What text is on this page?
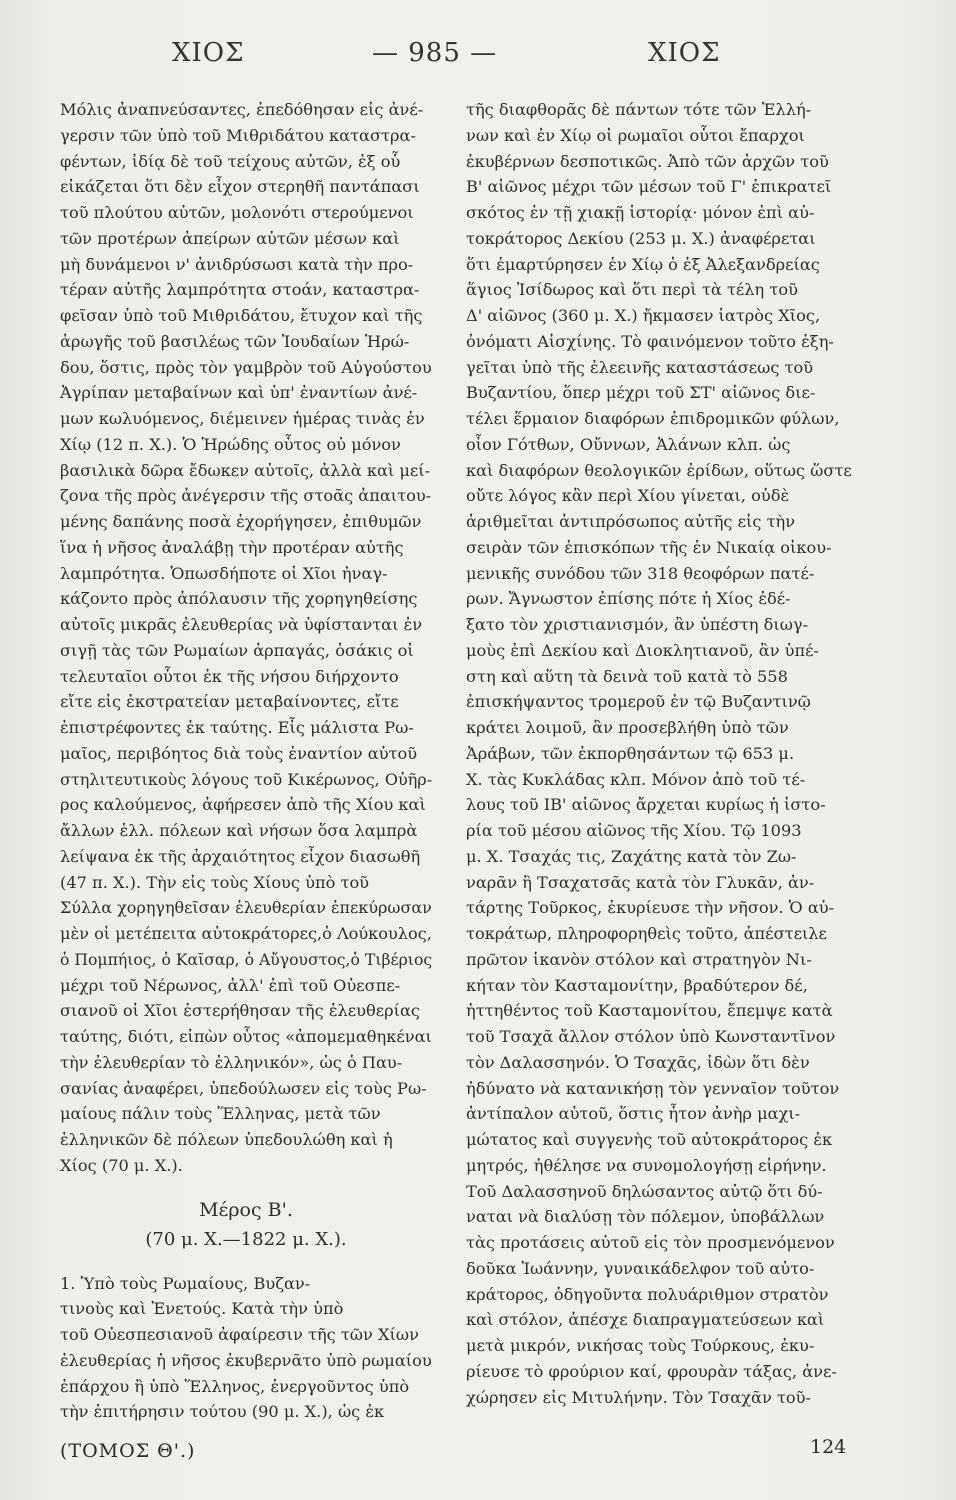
ΧΙΟΣ	— 985 —	ΧΙΟΣ
Μόλις ἀναπνεύσαντες, ἐπεδόθησαν εἰς ἀνέ-
γερσιν τῶν ὑπὸ τοῦ Μιθριδάτου καταστρα-
φέντων, ἰδίᾳ δὲ τοῦ τείχους αὐτῶν, ἐξ οὗ
εἰκάζεται ὅτι δὲν εἶχον στερηθῆ παντάπασι
τοῦ πλούτου αὐτῶν, μολονότι στερούμενοι
τῶν προτέρων ἀπείρων αὐτῶν μέσων καὶ
μὴ δυνάμενοι ν' ἀνιδρύσωσι κατὰ τὴν προ-
τέραν αὐτῆς λαμπρότητα στοάν, καταστρα-
φεῖσαν ὑπὸ τοῦ Μιθριδάτου, ἔτυχον καὶ τῆς
ἀρωγῆς τοῦ βασιλέως τῶν Ἰουδαίων Ἡρώ-
δου, ὅστις, πρὸς τὸν γαμβρὸν τοῦ Αὐγούστου
Ἀγρίπαν μεταβαίνων καὶ ὑπ' ἐναντίων ἀνέ-
μων κωλυόμενος, διέμεινεν ἡμέρας τινὰς ἐν
Χίῳ (12 π. Χ.). Ὁ Ἡρώδης οὗτος οὐ μόνον
βασιλικὰ δῶρα ἔδωκεν αὐτοῖς, ἀλλὰ καὶ μεί-
ζονα τῆς πρὸς ἀνέγερσιν τῆς στοᾶς ἀπαιτου-
μένης δαπάνης ποσὰ ἐχορήγησεν, ἐπιθυμῶν
ἵνα ἡ νῆσος ἀναλάβῃ τὴν προτέραν αὐτῆς
λαμπρότητα. Ὁπωσδήποτε οἱ Χῖοι ἠναγ-
κάζοντο πρὸς ἀπόλαυσιν τῆς χορηγηθείσης
αὐτοῖς μικρᾶς ἐλευθερίας νὰ ὑφίστανται ἐν
σιγῇ τὰς τῶν Ρωμαίων ἁρπαγάς, ὁσάκις οἱ
τελευταῖοι οὗτοι ἐκ τῆς νήσου διήρχοντο
εἴτε εἰς ἐκστρατείαν μεταβαίνοντες, εἴτε
ἐπιστρέφοντες ἐκ ταύτης. Εἷς μάλιστα Ρω-
μαῖος, περιβόητος διὰ τοὺς ἐναντίον αὐτοῦ
στηλιτευτικοὺς λόγους τοῦ Κικέρωνος, Οὐῆρ-
ρος καλούμενος, ἀφήρεσεν ἀπὸ τῆς Χίου καὶ
ἄλλων ἑλλ. πόλεων καὶ νήσων ὅσα λαμπρὰ
λείψανα ἐκ τῆς ἀρχαιότητος εἶχον διασωθῆ
(47 π. Χ.). Τὴν εἰς τοὺς Χίους ὑπὸ τοῦ
Σύλλα χορηγηθεῖσαν ἐλευθερίαν ἐπεκύρωσαν
μὲν οἱ μετέπειτα αὐτοκράτορες,ὁ Λούκουλος,
ὁ Πομπήιος, ὁ Καῖσαρ, ὁ Αὔγουστος,ὁ Τιβέριος
μέχρι τοῦ Νέρωνος, ἀλλ' ἐπὶ τοῦ Οὐεσπε-
σιανοῦ οἱ Χῖοι ἐστερήθησαν τῆς ἐλευθερίας
ταύτης, διότι, εἰπὼν οὗτος «ἀπομεμαθηκέναι
τὴν ἐλευθερίαν τὸ ἑλληνικόν», ὡς ὁ Παυ-
σανίας ἀναφέρει, ὑπεδούλωσεν εἰς τοὺς Ρω-
μαίους πάλιν τοὺς Ἕλληνας, μετὰ τῶν
ἑλληνικῶν δὲ πόλεων ὑπεδουλώθη καὶ ἡ
Χίος (70 μ. Χ.).
Μέρος Β'.
(70 μ. Χ.—1822 μ. Χ.).
1. Ὑπὸ τοὺς Ρωμαίους, Βυζαν-
τινοὺς καὶ Ἐνετούς. Κατὰ τὴν ὑπὸ
τοῦ Οὐεσπεσιανοῦ ἀφαίρεσιν τῆς τῶν Χίων
ἐλευθερίας ἡ νῆσος ἐκυβερνᾶτο ὑπὸ ρωμαίου
ἐπάρχου ἢ ὑπὸ Ἕλληνος, ἐνεργοῦντος ὑπὸ
τὴν ἐπιτήρησιν τούτου (90 μ. Χ.), ὡς ἐκ
τῆς διαφθορᾶς δὲ πάντων τότε τῶν Ἑλλή-
νων καὶ ἐν Χίῳ οἱ ρωμαῖοι οὗτοι ἔπαρχοι
ἐκυβέρνων δεσποτικῶς. Ἀπὸ τῶν ἀρχῶν τοῦ
Β' αἰῶνος μέχρι τῶν μέσων τοῦ Γ' ἐπικρατεῖ
σκότος ἐν τῇ χιακῇ ἱστορίᾳ· μόνον ἐπὶ αὐ-
τοκράτορος Δεκίου (253 μ. Χ.) ἀναφέρεται
ὅτι ἐμαρτύρησεν ἐν Χίῳ ὁ ἐξ Ἀλεξανδρείας
ἅγιος Ἰσίδωρος καὶ ὅτι περὶ τὰ τέλη τοῦ
Δ' αἰῶνος (360 μ. Χ.) ἤκμασεν ἰατρὸς Χῖος,
ὀνόματι Αἰσχίνης. Τὸ φαινόμενον τοῦτο ἐξη-
γεῖται ὑπὸ τῆς ἐλεεινῆς καταστάσεως τοῦ
Βυζαντίου, ὅπερ μέχρι τοῦ ΣΤ' αἰῶνος διε-
τέλει ἕρμαιον διαφόρων ἐπιδρομικῶν φύλων,
οἷον Γότθων, Οὔννων, Ἀλάνων κλπ. ὡς
καὶ διαφόρων θεολογικῶν ἐρίδων, οὕτως ὥστε
οὔτε λόγος κἂν περὶ Χίου γίνεται, οὐδὲ
ἀριθμεῖται ἀντιπρόσωπος αὐτῆς εἰς τὴν
σειρὰν τῶν ἐπισκόπων τῆς ἐν Νικαίᾳ οἰκου-
μενικῆς συνόδου τῶν 318 θεοφόρων πατέ-
ρων. Ἄγνωστον ἐπίσης πότε ἡ Χίος ἐδέ-
ξατο τὸν χριστιανισμόν, ἂν ὑπέστη διωγ-
μοὺς ἐπὶ Δεκίου καὶ Διοκλητιανοῦ, ἂν ὑπέ-
στη καὶ αὕτη τὰ δεινὰ τοῦ κατὰ τὸ 558
ἐπισκήψαντος τρομεροῦ ἐν τῷ Βυζαντινῷ
κράτει λοιμοῦ, ἂν προσεβλήθη ὑπὸ τῶν
Ἀράβων, τῶν ἐκπορθησάντων τῷ 653 μ.
Χ. τὰς Κυκλάδας κλπ. Μόνον ἀπὸ τοῦ τέ-
λους τοῦ ΙΒ' αἰῶνος ἄρχεται κυρίως ἡ ἱστο-
ρία τοῦ μέσου αἰῶνος τῆς Χίου. Τῷ 1093
μ. Χ. Τσαχάς τις, Ζαχάτης κατὰ τὸν Ζω-
ναρᾶν ἢ Τσαχατσᾶς κατὰ τὸν Γλυκᾶν, ἀν-
τάρτης Τοῦρκος, ἐκυρίευσε τὴν νῆσον. Ὁ αὐ-
τοκράτωρ, πληροφορηθεὶς τοῦτο, ἀπέστειλε
πρῶτον ἱκανὸν στόλον καὶ στρατηγὸν Νι-
κήταν τὸν Κασταμονίτην, βραδύτερον δέ,
ἡττηθέντος τοῦ Κασταμονίτου, ἔπεμψε κατὰ
τοῦ Τσαχᾶ ἄλλον στόλον ὑπὸ Κωνσταντῖνον
τὸν Δαλασσηνόν. Ὁ Τσαχᾶς, ἰδὼν ὅτι δὲν
ἠδύνατο νὰ κατανικήσῃ τὸν γενναῖον τοῦτον
ἀντίπαλον αὐτοῦ, ὅστις ἦτον ἀνὴρ μαχι-
μώτατος καὶ συγγενὴς τοῦ αὐτοκράτορος ἐκ
μητρός, ἠθέλησε να συνομολογήσῃ εἰρήνην.
Τοῦ Δαλασσηνοῦ δηλώσαντος αὐτῷ ὅτι δύ-
ναται νὰ διαλύσῃ τὸν πόλεμον, ὑποβάλλων
τὰς προτάσεις αὐτοῦ εἰς τὸν προσμενόμενον
δοῦκα Ἰωάννην, γυναικάδελφον τοῦ αὐτο-
κράτορος, ὁδηγοῦντα πολυάριθμον στρατὸν
καὶ στόλον, ἀπέσχε διαπραγματεύσεων καὶ
μετὰ μικρόν, νικήσας τοὺς Τούρκους, ἐκυ-
ρίευσε τὸ φρούριον καί, φρουρὰν τάξας, ἀνε-
χώρησεν εἰς Μιτυλήνην. Τὸν Τσαχᾶν τοῦ-
(ΤΟΜΟΣ Θ'.)	124
